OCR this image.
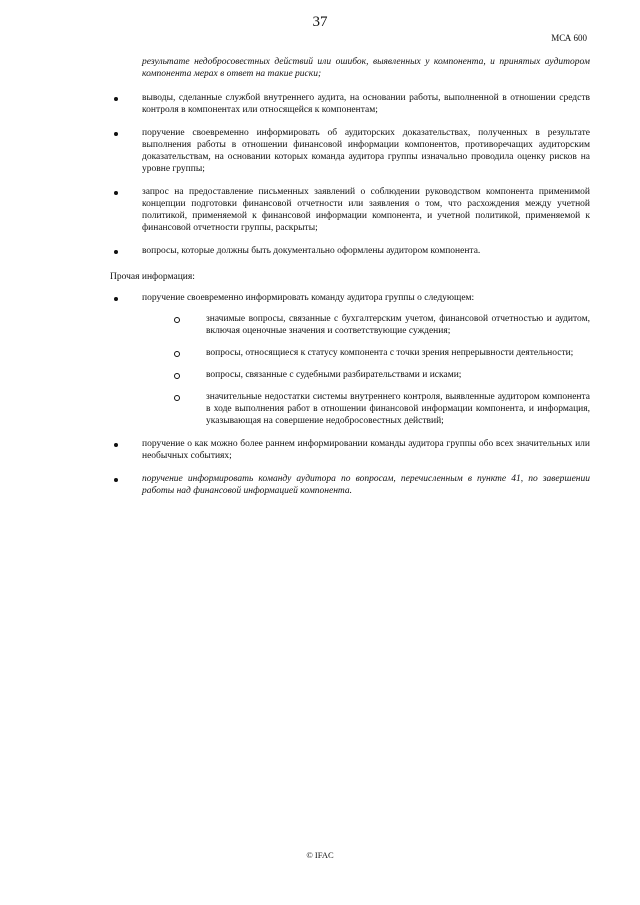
37
МСА 600
результате недобросовестных действий или ошибок, выявленных у компонента, и принятых аудитором компонента мерах в ответ на такие риски;
выводы, сделанные службой внутреннего аудита, на основании работы, выполненной в отношении средств контроля в компонентах или относящейся к компонентам;
поручение своевременно информировать об аудиторских доказательствах, полученных в результате выполнения работы в отношении финансовой информации компонентов, противоречащих аудиторским доказательствам, на основании которых команда аудитора группы изначально проводила оценку рисков на уровне группы;
запрос на предоставление письменных заявлений о соблюдении руководством компонента применимой концепции подготовки финансовой отчетности или заявления о том, что расхождения между учетной политикой, применяемой к финансовой информации компонента, и учетной политикой, применяемой к финансовой отчетности группы, раскрыты;
вопросы, которые должны быть документально оформлены аудитором компонента.
Прочая информация:
поручение своевременно информировать команду аудитора группы о следующем:
значимые вопросы, связанные с бухгалтерским учетом, финансовой отчетностью и аудитом, включая оценочные значения и соответствующие суждения;
вопросы, относящиеся к статусу компонента с точки зрения непрерывности деятельности;
вопросы, связанные с судебными разбирательствами и исками;
значительные недостатки системы внутреннего контроля, выявленные аудитором компонента в ходе выполнения работ в отношении финансовой информации компонента, и информация, указывающая на совершение недобросовестных действий;
поручение о как можно более раннем информировании команды аудитора группы обо всех значительных или необычных событиях;
поручение информировать команду аудитора по вопросам, перечисленным в пункте 41, по завершении работы над финансовой информацией компонента.
© IFAC
